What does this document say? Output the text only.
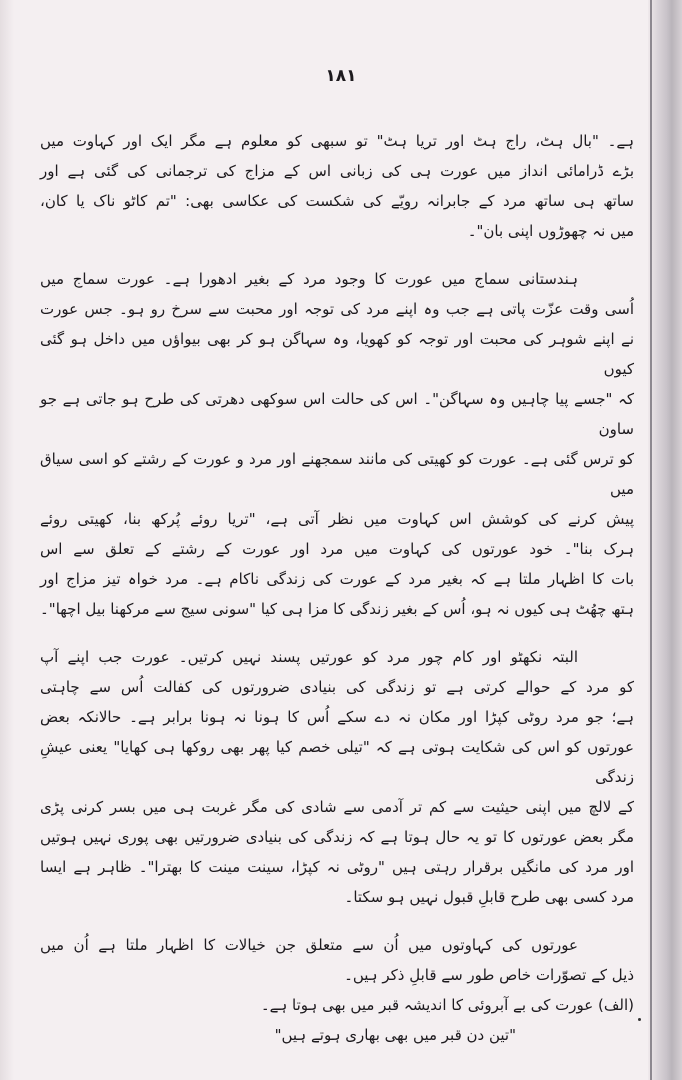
۱۸۱
ہے۔ "بال ہٹ، راج ہٹ اور تریا ہٹ" تو سبھی کو معلوم ہے مگر ایک اور کہاوت میں
بڑے ڈرامائی انداز میں عورت ہی کی زبانی اس کے مزاج کی ترجمانی کی گئی ہے اور
ساتھ ہی ساتھ مرد کے جابرانہ رویّے کی شکست کی عکاسی بھی: "تم کاٹو ناک یا کان،
میں نہ چھوڑوں اپنی بان"۔
ہندستانی سماج میں عورت کا وجود مرد کے بغیر ادھورا ہے۔ عورت سماج میں
اُسی وقت عزّت پاتی ہے جب وہ اپنے مرد کی توجہ اور محبت سے سرخ رو ہو۔ جس عورت
نے اپنے شوہر کی محبت اور توجہ کو کھویا، وہ سہاگن ہو کر بھی بیواؤں میں داخل ہو گئی کیوں
کہ "جسے پیا چاہیں وہ سہاگن"۔ اس کی حالت اس سوکھی دھرتی کی طرح ہو جاتی ہے جو ساون
کو ترس گئی ہے۔ عورت کو کھیتی کی مانند سمجھنے اور مرد و عورت کے رشتے کو اسی سیاق میں
پیش کرنے کی کوشش اس کہاوت میں نظر آتی ہے، "تریا روئے پُرکھ بنا، کھیتی روئے
ہرک بنا"۔ خود عورتوں کی کہاوت میں مرد اور عورت کے رشتے کے تعلق سے اس
بات کا اظہار ملتا ہے کہ بغیر مرد کے عورت کی زندگی ناکام ہے۔ مرد خواہ تیز مزاج اور
ہتھ چھُٹ ہی کیوں نہ ہو، اُس کے بغیر زندگی کا مزا ہی کیا "سونی سیج سے مرکھنا بیل اچھا"۔
البتہ نکھٹو اور کام چور مرد کو عورتیں پسند نہیں کرتیں۔ عورت جب اپنے آپ
کو مرد کے حوالے کرتی ہے تو زندگی کی بنیادی ضرورتوں کی کفالت اُس سے چاہتی
ہے؛ جو مرد روٹی کپڑا اور مکان نہ دے سکے اُس کا ہونا نہ ہونا برابر ہے۔ حالانکہ بعض
عورتوں کو اس کی شکایت ہوتی ہے کہ "تیلی خصم کیا پھر بھی روکھا ہی کھایا" یعنی عیشِ زندگی
کے لالچ میں اپنی حیثیت سے کم تر آدمی سے شادی کی مگر غربت ہی میں بسر کرنی پڑی
مگر بعض عورتوں کا تو یہ حال ہوتا ہے کہ زندگی کی بنیادی ضرورتیں بھی پوری نہیں ہوتیں
اور مرد کی مانگیں برقرار رہتی ہیں "روٹی نہ کپڑا، سینت مینت کا بھترا"۔ ظاہر ہے ایسا
مرد کسی بھی طرح قابلِ قبول نہیں ہو سکتا۔
عورتوں کی کہاوتوں میں اُن سے متعلق جن خیالات کا اظہار ملتا ہے اُن میں
ذیل کے تصوّرات خاص طور سے قابلِ ذکر ہیں۔
(الف) عورت کی بے آبروئی کا اندیشہ قبر میں بھی ہوتا ہے۔
"تین دن قبر میں بھی بھاری ہوتے ہیں"
